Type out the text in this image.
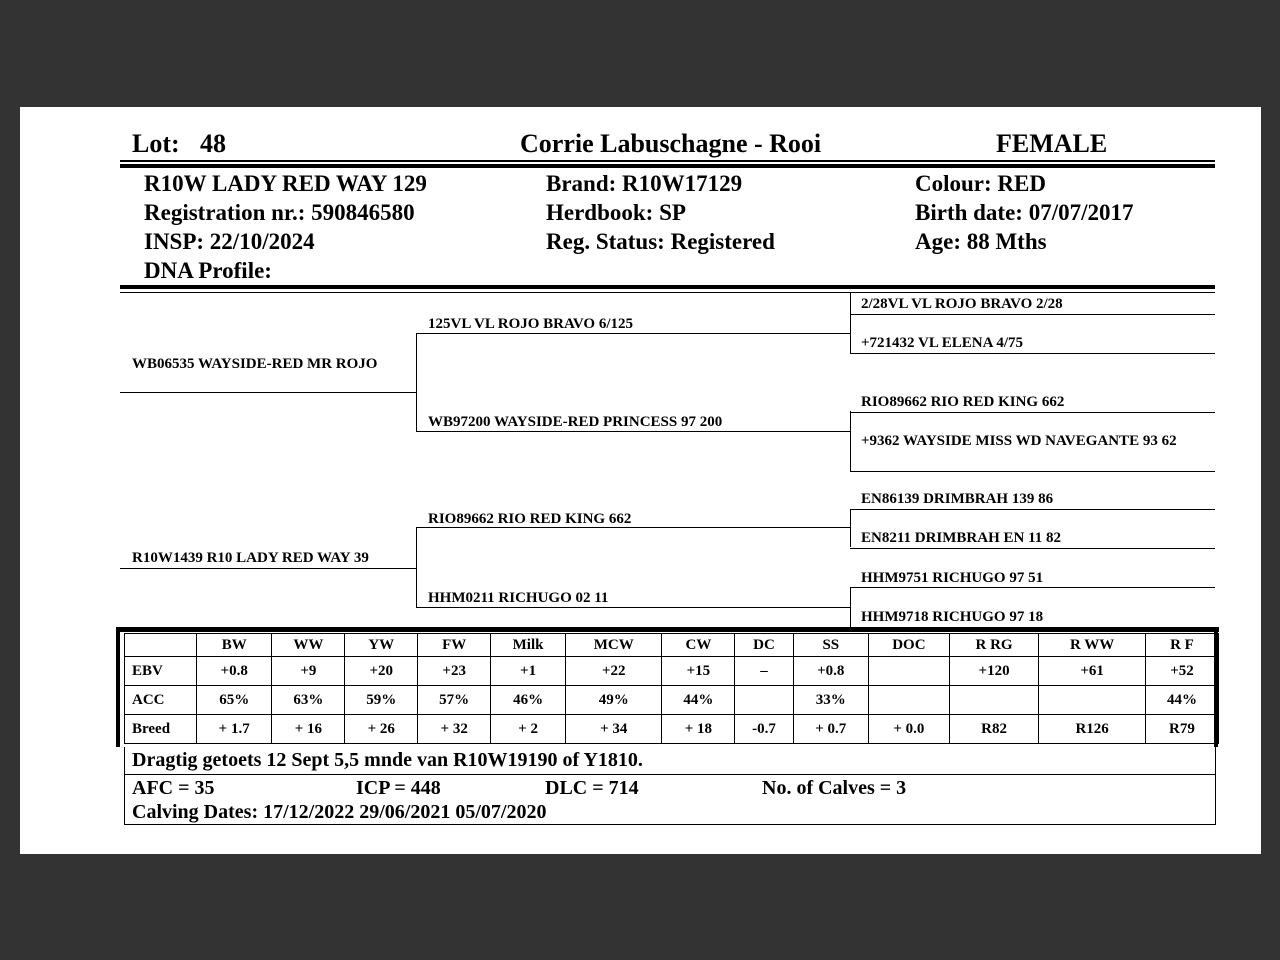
Lot: 48	Corrie Labuschagne - Rooi	FEMALE
R10W LADY RED WAY 129
Registration nr.: 590846580
INSP: 22/10/2024
DNA Profile:
Brand: R10W17129
Herdbook: SP
Reg. Status: Registered
Colour: RED
Birth date: 07/07/2017
Age: 88 Mths
WB06535 WAYSIDE-RED MR ROJO
R10W1439 R10 LADY RED WAY 39
125VL VL ROJO BRAVO 6/125
WB97200 WAYSIDE-RED PRINCESS 97 200
RIO89662 RIO RED KING 662
HHM0211 RICHUGO 02 11
2/28VL VL ROJO BRAVO 2/28
+721432 VL ELENA 4/75
RIO89662 RIO RED KING 662
+9362 WAYSIDE MISS WD NAVEGANTE 93 62
EN86139 DRIMBRAH 139 86
EN8211 DRIMBRAH EN 11 82
HHM9751 RICHUGO 97 51
HHM9718 RICHUGO 97 18
	BW	WW	YW	FW	Milk	MCW	CW	DC	SS	DOC	R RG	R WW	R F
EBV	+0.8	+9	+20	+23	+1	+22	+15	–	+0.8		+120	+61	+52
ACC	65%	63%	59%	57%	46%	49%	44%		33%				44%
Breed	+ 1.7	+ 16	+ 26	+ 32	+ 2	+ 34	+ 18	-0.7	+ 0.7	+ 0.0	R82	R126	R79
Dragtig getoets 12 Sept 5,5 mnde van R10W19190 of Y1810.
AFC = 35	ICP = 448	DLC = 714	No. of Calves = 3
Calving Dates: 17/12/2022 29/06/2021 05/07/2020
